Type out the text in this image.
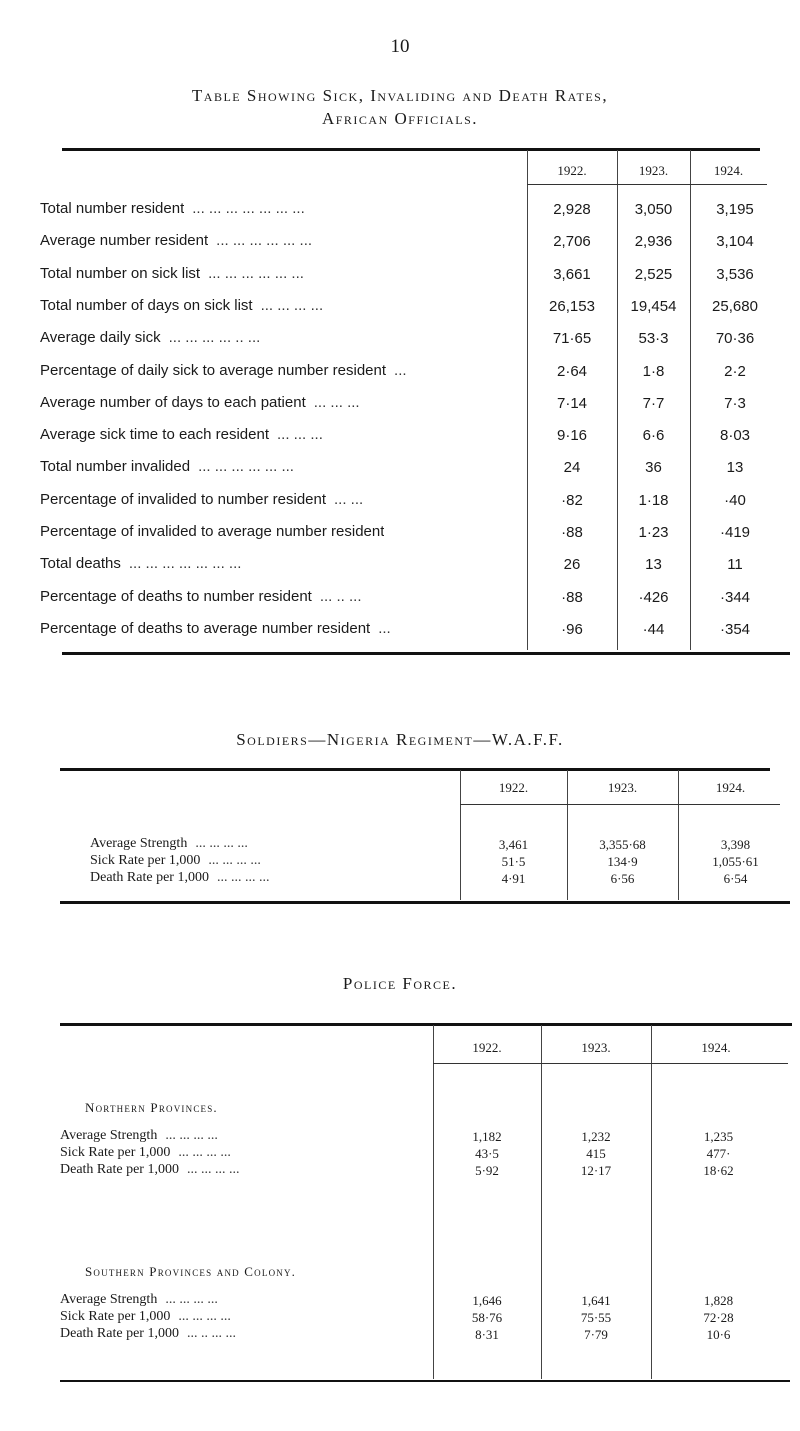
10
Table Showing Sick, Invaliding and Death Rates,
African Officials.
1922.	1923.	1924.
Total number resident ... ... ... ... ... ... ...	2,928	3,050	3,195
Average number resident ... ... ... ... ... ...	2,706	2,936	3,104
Total number on sick list ... ... ... ... ... ...	3,661	2,525	3,536
Total number of days on sick list ... ... ... ...	26,153	19,454	25,680
Average daily sick ... ... ... ... .. ...	71·65	53·3	70·36
Percentage of daily sick to average number resident ...	2·64	1·8	2·2
Average number of days to each patient ... ... ...	7·14	7·7	7·3
Average sick time to each resident ... ... ...	9·16	6·6	8·03
Total number invalided ... ... ... ... ... ...	24	36	13
Percentage of invalided to number resident ... ...	·82	1·18	·40
Percentage of invalided to average number resident	·88	1·23	·419
Total deaths ... ... ... ... ... ... ...	26	13	11
Percentage of deaths to number resident ... .. ...	·88	·426	·344
Percentage of deaths to average number resident ...	·96	·44	·354
Soldiers—Nigeria Regiment—W.A.F.F.
1922.	1923.	1924.
Average Strength ... ... ... ...	3,461	3,355·68	3,398
Sick Rate per 1,000 ... ... ... ...	51·5	134·9	1,055·61
Death Rate per 1,000 ... ... ... ...	4·91	6·56	6·54
Police Force.
1922.	1923.	1924.
Northern Provinces.
Average Strength ... ... ... ...	1,182	1,232	1,235
Sick Rate per 1,000 ... ... ... ...	43·5	415	477·
Death Rate per 1,000 ... ... ... ...	5·92	12·17	18·62
Southern Provinces and Colony.
Average Strength ... ... ... ...	1,646	1,641	1,828
Sick Rate per 1,000 ... ... ... ...	58·76	75·55	72·28
Death Rate per 1,000 ... .. ... ...	8·31	7·79	10·6
